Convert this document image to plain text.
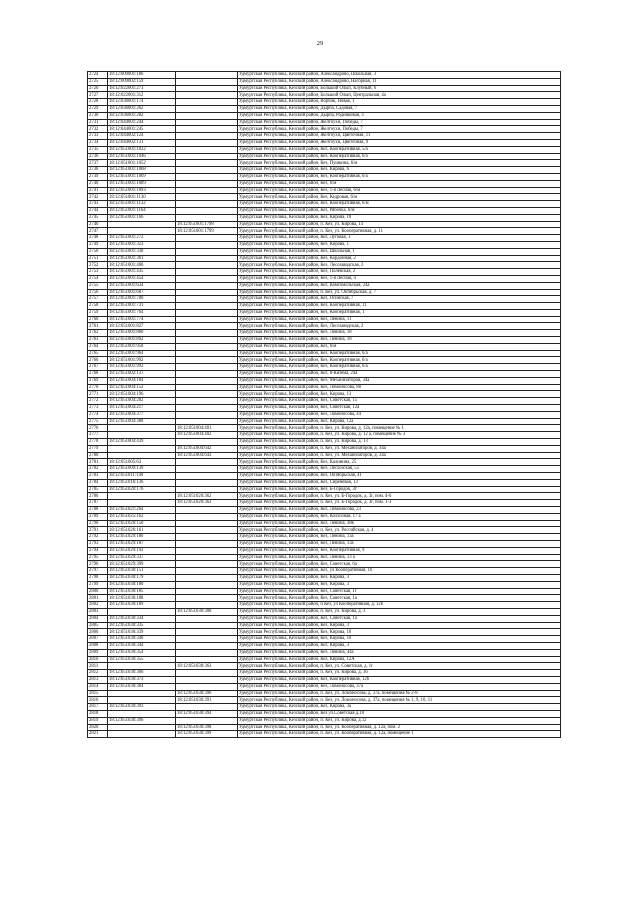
29
2724	18:12:009001:186		Удмуртская Республика, Кезский район, Александрово, Школьная, 3
2725	18:12:009002:159		Удмуртская Республика, Кезский район, Александрово, Нагорная, 11
2726	18:12:022001:273		Удмуртская Республика, Кезский район, Большой Олып, Клубный, 6
2727	18:12:022001:312		Удмуртская Республика, Кезский район, Большой Олып, Центральная, 4а
2728	18:12:030001:174		Удмуртская Республика, Кезский район, Ворчик, Новая, 1
2729	18:12:036001:262		Удмуртская Республика, Кезский район, Дырпа, Садовая, 7
2730	18:12:036001:282		Удмуртская Республика, Кезский район, Дырпа, Родниковая, 3
2731	18:12:044001:244		Удмуртская Республика, Кезский район, Желтоухи, Победы, 7
2732	18:12:044001:245		Удмуртская Республика, Кезский район, Желтоухи, Победы, 7
2733	18:12:044002:124		Удмуртская Республика, Кезский район, Желтоухи, Цветочная, 11
2734	18:12:044002:131		Удмуртская Республика, Кезский район, Желтоухи, Цветочная, 9
2735	18:12:051001:1022		Удмуртская Республика, Кезский район, Кез, Кооперативная, 5/а
2736	18:12:051001:1046		Удмуртская Республика, Кезский район, Кез, Кооперативная, 6/а
2737	18:12:051001:1052		Удмуртская Республика, Кезский район, Кез, Пушкина, 6/м
2738	18:12:051001:1068		Удмуртская Республика, Кезский район, Кез, Кирова, 6
2739	18:12:051001:1069		Удмуртская Республика, Кезский район, Кез, Кооперативная, 6/а
2740	18:12:051001:1089		Удмуртская Республика, Кезский район, Кез, 6/м
2741	18:12:051001:1093		Удмуртская Республика, Кезский район, Кез, 1-я Лесная, 6/м
2742	18:12:051001:1130		Удмуртская Республика, Кезский район, Кез, Кедровая, 6/м
2743	18:12:051001:1132		Удмуртская Республика, Кезский район, Кез, Кооперативная, 6/м
2744	18:12:051001:1164		Удмуртская Республика, Кезский район, Кез, Рябочка, 6/м
2745	18:12:051001:166		Удмуртская Республика, Кезский район, Кез, Кирова, 10
2746		18:12:051001:1798	Удмуртская Республика, Кезский район, п. Кез, ул. Кирова, 14
2747		18:12:051001:1799	Удмуртская Республика, Кезский район, п. Кез, ул. Кооперативная, д. 11
2748	18:12:051001:272		Удмуртская Республика, Кезский район, Кез, Луговая, 1
2749	18:12:051001:323		Удмуртская Республика, Кезский район, Кез, Кирова, 1
2750	18:12:051001:330		Удмуртская Республика, Кезский район, Кез, Школьная, 1
2751	18:12:051001:361		Удмуртская Республика, Кезский район, Кез, Кордонная, 2
2752	18:12:051001:406		Удмуртская Республика, Кезский район, Кез, Лесозаводская, 2
2753	18:12:051001:435		Удмуртская Республика, Кезский район, Кез, Полевская, 2
2754	18:12:051001:454		Удмуртская Республика, Кезский район, Кез, 1-я Лесная, 4
2755	18:12:051001:634		Удмуртская Республика, Кезский район, Кез, Комсомольская, 24а
2756	18:12:051001:687		Удмуртская Республика, Кезский район, п. Кез, ул. Октябрьская, д. 7
2757	18:12:051001:700		Удмуртская Республика, Кезский район, Кез, Осинская, 7
2758	18:12:051001:731		Удмуртская Республика, Кезский район, Кез, Кооперативная, 11
2759	18:12:051001:764		Удмуртская Республика, Кезский район, Кез, Кооперативная, 1
2760	18:12:051001:774		Удмуртская Республика, Кезский район, Кез, Ленина, 11
2761	18:12:051001:827		Удмуртская Республика, Кезский район, Кез, Лесозаводская, 2
2762	18:12:051001:860		Удмуртская Республика, Кезский район, Кез, Ленина, 18
2763	18:12:051001:892		Удмуртская Республика, Кезский район, Кез, Ленина, 18
2764	18:12:051001:958		Удмуртская Республика, Кезский район, Кез, 6/м
2765	18:12:051001:964		Удмуртская Республика, Кезский район, Кез, Кооперативная, 6/а
2766	18:12:051001:992		Удмуртская Республика, Кезский район, Кез, Кооперативная, 6/а
2767	18:12:051001:993		Удмуртская Республика, Кезский район, Кез, Кооперативная, 6/а
2768	18:12:051002:137		Удмуртская Республика, Кезский район, Кез, 8-Кизема, 24а
2769	18:12:051004:184		Удмуртская Республика, Кезский район, Кез, Механизаторов, 34а
2770	18:12:051004:152		Удмуртская Республика, Кезский район, Кез, Ломоносова, 88
2771	18:12:051004:196		Удмуртская Республика, Кезский район, Кез, Кирова, 13
2772	18:12:051004:202		Удмуртская Республика, Кезский район, Кез, Советская, 15
2773	18:12:051004:217		Удмуртская Республика, Кезский район, Кез, Советская, 12а
2774	18:12:051004:377		Удмуртская Республика, Кезский район, Кез, Ломоносова, 44
2775	18:12:051004:388		Удмуртская Республика, Кезский район, Кез, Кирова, 12а
2776		18:12:051004:401	Удмуртская Республика, Кезский район, п. Кез, ул. Кирова, д. 12а, помещение № 1
2777		18:12:051004:402	Удмуртская Республика, Кезский район, п. Кез, ул. Кирова, д. 12 а, помещение № 3
2778	18:12:051004:439		Удмуртская Республика, Кезский район, п. Кез, ул. Кирова, д. 13
2779		18:12:051004:642	Удмуртская Республика, Кезский район, п. Кез, ул. Механизаторов, д. 34а
2780		18:12:051004:643	Удмуртская Республика, Кезский район, п. Кез, ул. Механизаторов, д. 34а
2781	18:12:051005:63		Удмуртская Республика, Кезский район, Кез, Калинина, 25
2782	18:12:051009:139		Удмуртская Республика, Кезский район, Кез, Лесхозская, 55
2783	18:12:051011:140		Удмуртская Республика, Кезский район, Кез, Октябрьская, 41
2784	18:12:051016:136		Удмуртская Республика, Кезский район, Кез, Сиреневая, 13
2785	18:12:051020:176		Удмуртская Республика, Кезский район, Кез, Б-Городок, 3г
2786		18:12:051020:362	Удмуртская Республика, Кезский район, п. Кез, ул. Б-Городок, д. 3г, пом. 4-6
2787		18:12:051020:363	Удмуртская Республика, Кезский район, п. Кез, ул. Б-Городок, д. 3г, пом. 1-3
2788	18:12:051021:264		Удмуртская Республика, Кезский район, Кез, Ломоносова, 23
2789	18:12:051025:162		Удмуртская Республика, Кезский район, Кез, Колхозная, 17 а
2790	18:12:051026:150		Удмуртская Республика, Кезский район, Кез, Ленина, 38в
2791	18:12:051026:161		Удмуртская Республика, Кезский район, п. Кез, ул. Российская, д. 4
2792	18:12:051029:186		Удмуртская Республика, Кезский район, Кез, Ленина, 13а
2793	18:12:051029:187		Удмуртская Республика, Кезский район, Кез, Ленина, 13а
2794	18:12:051029:192		Удмуртская Республика, Кезский район, Кез, Кооперативная, 9
2795	18:12:051029:337		Удмуртская Республика, Кезский район, Кез, Ленина, 13 а
2796	18:12:051029:399		Удмуртская Республика, Кезский район, Кез, Советская, 6а
2797	18:12:051030:151		Удмуртская Республика, Кезский район, Кез, ул Кооперативная, 16
2798	18:12:051030:179		Удмуртская Республика, Кезский район, Кез, Кирова, 3
2799	18:12:051030:180		Удмуртская Республика, Кезский район, Кез, Кирова, 3
2800	18:12:051030:185		Удмуртская Республика, Кезский район, Кез, Советская, 1г
2801	18:12:051030:188		Удмуртская Республика, Кезский район, Кез, Советская, 1а
2802	18:12:051030:189		Удмуртская Республика, Кезский район, п Кез, ул Кооперативная, д. 12б
2803		18:12:051030:308	Удмуртская Республика, Кезский район, п. Кез, ул. Кирова, д. 3
2804	18:12:051030:334		Удмуртская Республика, Кезский район, Кез, Советская, 1а
2805	18:12:051030:335		Удмуртская Республика, Кезский район, Кез, Кирова, 3
2806	18:12:051030:339		Удмуртская Республика, Кезский район, Кез, Кирова, 10
2807	18:12:051030:340		Удмуртская Республика, Кезский район, Кез, Кирова, 10
2808	18:12:051030:344		Удмуртская Республика, Кезский район, Кез, Кирова, 3
2809	18:12:051030:354		Удмуртская Республика, Кезский район, Кез, Ленина, 44а
2810	18:12:051030:355		Удмуртская Республика, Кезский район, Кез, Кирова, 12А
2811		18:12:051030:363	Удмуртская Республика, Кезский район, п. Кез, ул. Советская, д. 1г
2812	18:12:051030:366		Удмуртская Республика, Кезский район, п. Кез, ул. Кирова, д. 36
2813	18:12:051030:373		Удмуртская Республика, Кезский район, Кез, Кооперативная, 12б
2814	18:12:051030:384		Удмуртская Республика, Кезский район, Кез, Ломоносова, 37а
2815		18:12:051030:390	Удмуртская Республика, Кезский район, п. Кез, ул. Ломоносова, д. 37а, помещения № 2-8
2816		18:12:051030:391	Удмуртская Республика, Кезский район, п. Кез, ул. Ломоносова, д. 37а, помещения № 1, 9, 10, 11
2817	18:12:051030:393		Удмуртская Республика, Кезский район, Кез, Кирова, 3а
2818		18:12:051030:394	Удмуртская Республика, Кезский район, Кез ул.Советская д.18
2819	18:12:051030:396		Удмуртская Республика, Кезский район, п. Кез, ул. Кирова, д.12
2820		18:12:051030:398	Удмуртская Республика, Кезский район, п. Кез, ул. Кооперативная, д. 12а, пом. 2
2821		18:12:051030:399	Удмуртская Республика, Кезский район, п. Кез, ул. Кооперативная, д. 12а, помещение 1
